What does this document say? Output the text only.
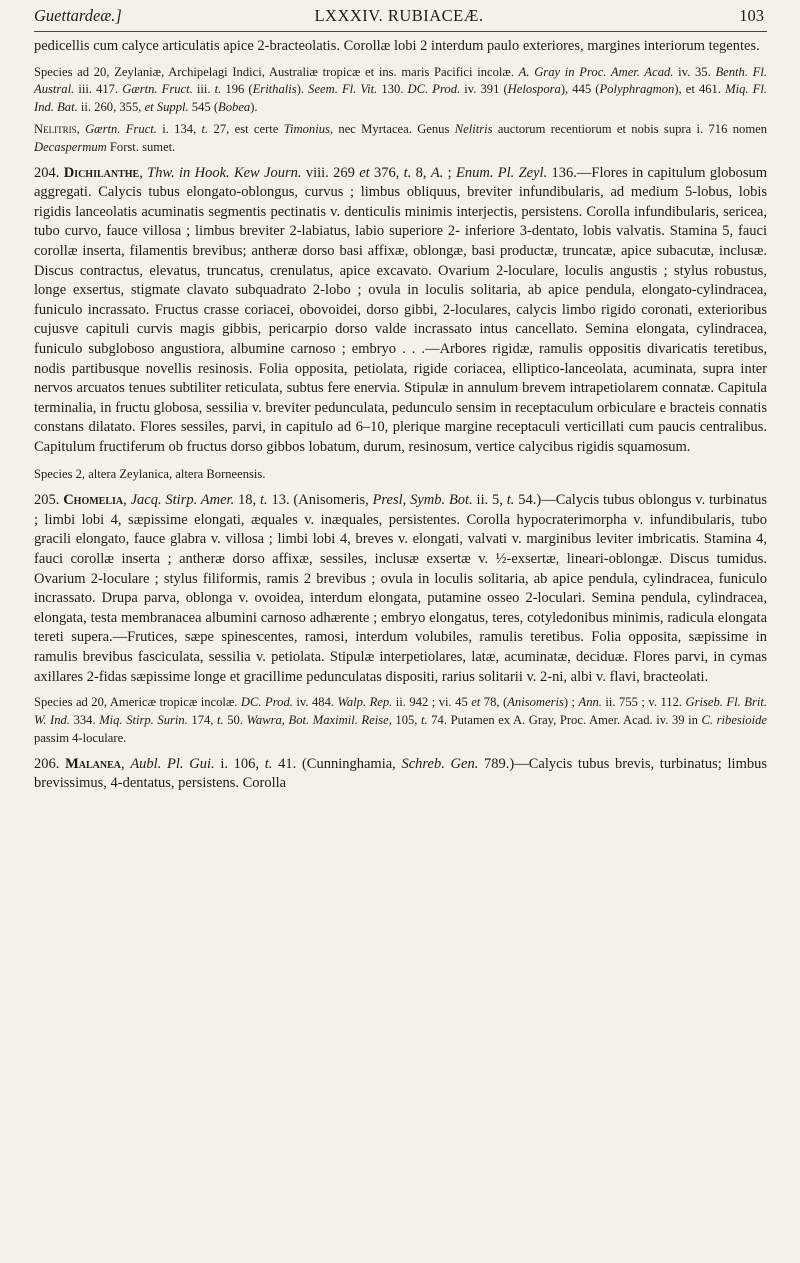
Guettardeæ.]	LXXXIV. RUBIACEÆ.	103

pedicellis cum calyce articulatis apice 2-bracteolatis. Corollæ lobi 2 interdum paulo exteriores, margines interiorum tegentes.

Species ad 20, Zeylaniæ, Archipelagi Indici, Australiæ tropicæ et ins. maris Pacifici incolæ. A. Gray in Proc. Amer. Acad. iv. 35. Benth. Fl. Austral. iii. 417. Gærtn. Fruct. iii. t. 196 (Erithalis). Seem. Fl. Vit. 130. DC. Prod. iv. 391 (Helospora), 445 (Polyphragmon), et 461. Miq. Fl. Ind. Bat. ii. 260, 355, et Suppl. 545 (Bobea).

Nelitris, Gærtn. Fruct. i. 134, t. 27, est certe Timonius, nec Myrtacea. Genus Nelitris auctorum recentiorum et nobis supra i. 716 nomen Decaspermum Forst. sumet.

204. Dichilanthe, Thw. in Hook. Kew Journ. viii. 269 et 376, t. 8, A. ; Enum. Pl. Zeyl. 136.—Flores in capitulum globosum aggregati. Calycis tubus elongato-oblongus, curvus ; limbus obliquus, breviter infundibularis, ad medium 5-lobus, lobis rigidis lanceolatis acuminatis segmentis pectinatis v. denticulis minimis interjectis, persistens. Corolla infundibularis, sericea, tubo curvo, fauce villosa ; limbus breviter 2-labiatus, labio superiore 2- inferiore 3-dentato, lobis valvatis. Stamina 5, fauci corollæ inserta, filamentis brevibus; antheræ dorso basi affixæ, oblongæ, basi productæ, truncatæ, apice subacutæ, inclusæ. Discus contractus, elevatus, truncatus, crenulatus, apice excavato. Ovarium 2-loculare, loculis angustis ; stylus robustus, longe exsertus, stigmate clavato subquadrato 2-lobo ; ovula in loculis solitaria, ab apice pendula, elongato-cylindracea, funiculo incrassato. Fructus crasse coriacei, obovoidei, dorso gibbi, 2-loculares, calycis limbo rigido coronati, exterioribus cujusve capituli curvis magis gibbis, pericarpio dorso valde incrassato intus cancellato. Semina elongata, cylindracea, funiculo subgloboso angustiora, albumine carnoso ; embryo . . .—Arbores rigidæ, ramulis oppositis divaricatis teretibus, nodis partibusque novellis resinosis. Folia opposita, petiolata, rigide coriacea, elliptico-lanceolata, acuminata, supra inter nervos arcuatos tenues subtiliter reticulata, subtus fere enervia. Stipulæ in annulum brevem intrapetiolarem connatæ. Capitula terminalia, in fructu globosa, sessilia v. breviter pedunculata, pedunculo sensim in receptaculum orbiculare e bracteis connatis constans dilatato. Flores sessiles, parvi, in capitulo ad 6–10, plerique margine receptaculi verticillati cum paucis centralibus. Capitulum fructiferum ob fructus dorso gibbos lobatum, durum, resinosum, vertice calycibus rigidis squamosum.

Species 2, altera Zeylanica, altera Borneensis.

205. Chomelia, Jacq. Stirp. Amer. 18, t. 13. (Anisomeris, Presl, Symb. Bot. ii. 5, t. 54.)—Calycis tubus oblongus v. turbinatus ; limbi lobi 4, sæpissime elongati, æquales v. inæquales, persistentes. Corolla hypocraterimorpha v. infundibularis, tubo gracili elongato, fauce glabra v. villosa ; limbi lobi 4, breves v. elongati, valvati v. marginibus leviter imbricatis. Stamina 4, fauci corollæ inserta ; antheræ dorso affixæ, sessiles, inclusæ exsertæ v. ½-exsertæ, lineari-oblongæ. Discus tumidus. Ovarium 2-loculare ; stylus filiformis, ramis 2 brevibus ; ovula in loculis solitaria, ab apice pendula, cylindracea, funiculo incrassato. Drupa parva, oblonga v. ovoidea, interdum elongata, putamine osseo 2-loculari. Semina pendula, cylindracea, elongata, testa membranacea albumini carnoso adhærente ; embryo elongatus, teres, cotyledonibus minimis, radicula elongata tereti supera.—Frutices, sæpe spinescentes, ramosi, interdum volubiles, ramulis teretibus. Folia opposita, sæpissime in ramulis brevibus fasciculata, sessilia v. petiolata. Stipulæ interpetiolares, latæ, acuminatæ, deciduæ. Flores parvi, in cymas axillares 2-fidas sæpissime longe et gracillime pedunculatas dispositi, rarius solitarii v. 2-ni, albi v. flavi, bracteolati.

Species ad 20, Americæ tropicæ incolæ. DC. Prod. iv. 484. Walp. Rep. ii. 942 ; vi. 45 et 78, (Anisomeris) ; Ann. ii. 755 ; v. 112. Griseb. Fl. Brit. W. Ind. 334. Miq. Stirp. Surin. 174, t. 50. Wawra, Bot. Maximil. Reise, 105, t. 74. Putamen ex A. Gray, Proc. Amer. Acad. iv. 39 in C. ribesioide passim 4-loculare.

206. Malanea, Aubl. Pl. Gui. i. 106, t. 41. (Cunninghamia, Schreb. Gen. 789.)—Calycis tubus brevis, turbinatus; limbus brevissimus, 4-dentatus, persistens. Corolla
